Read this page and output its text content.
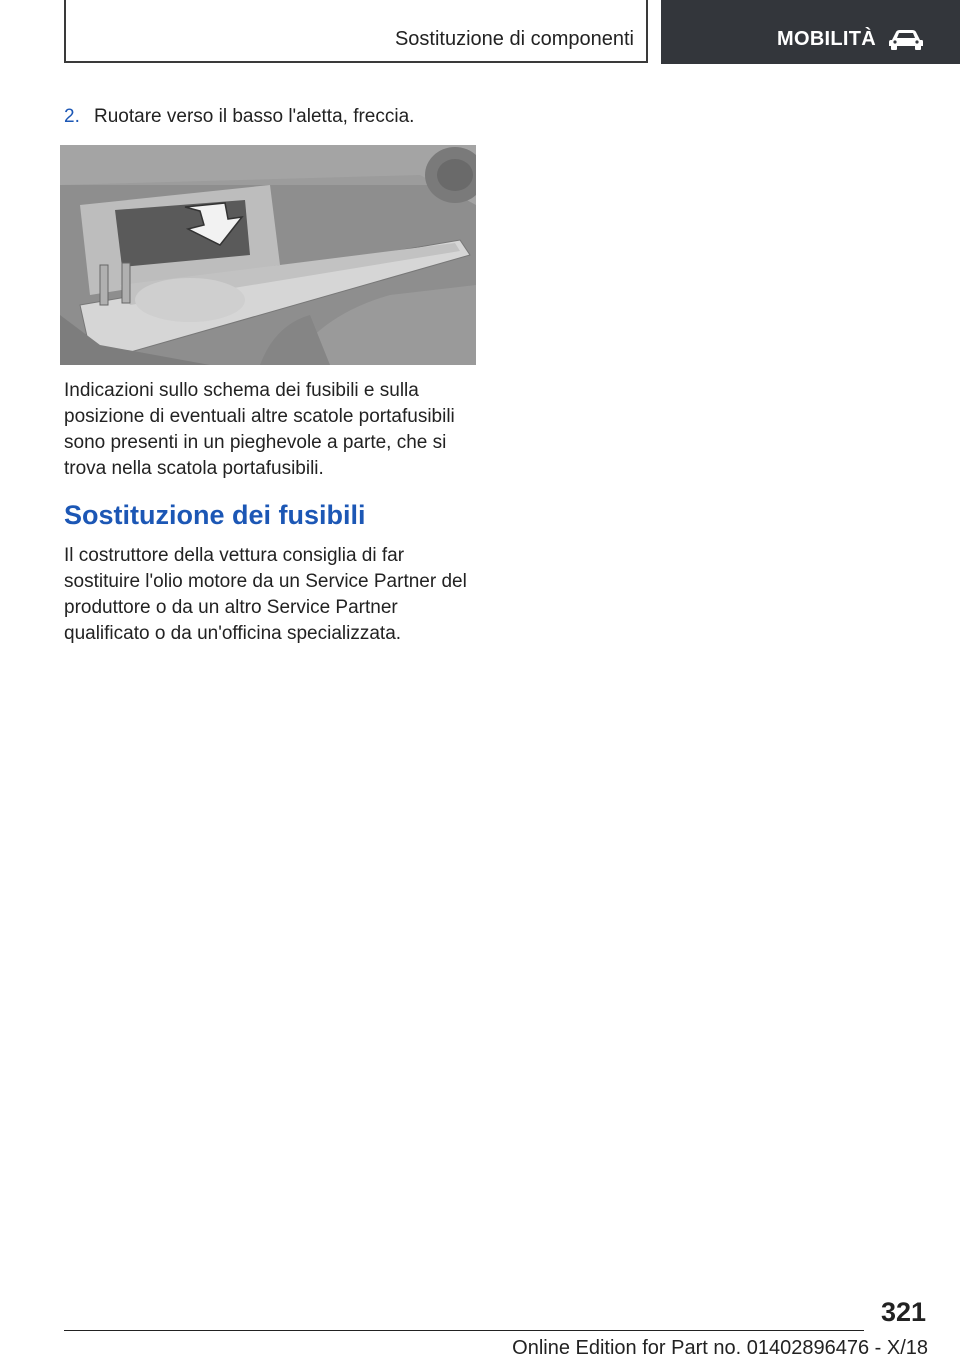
Sostituzione di componenti	MOBILITÀ
2. Ruotare verso il basso l'aletta, freccia.

Indicazioni sullo schema dei fusibili e sulla posizione di eventuali altre scatole portafusibili sono presenti in un pieghevole a parte, che si trova nella scatola portafusibili.

Sostituzione dei fusibili

Il costruttore della vettura consiglia di far sostituire l'olio motore da un Service Partner del produttore o da un altro Service Partner qualificato o da un'officina specializzata.

321
Online Edition for Part no. 01402896476 - X/18
